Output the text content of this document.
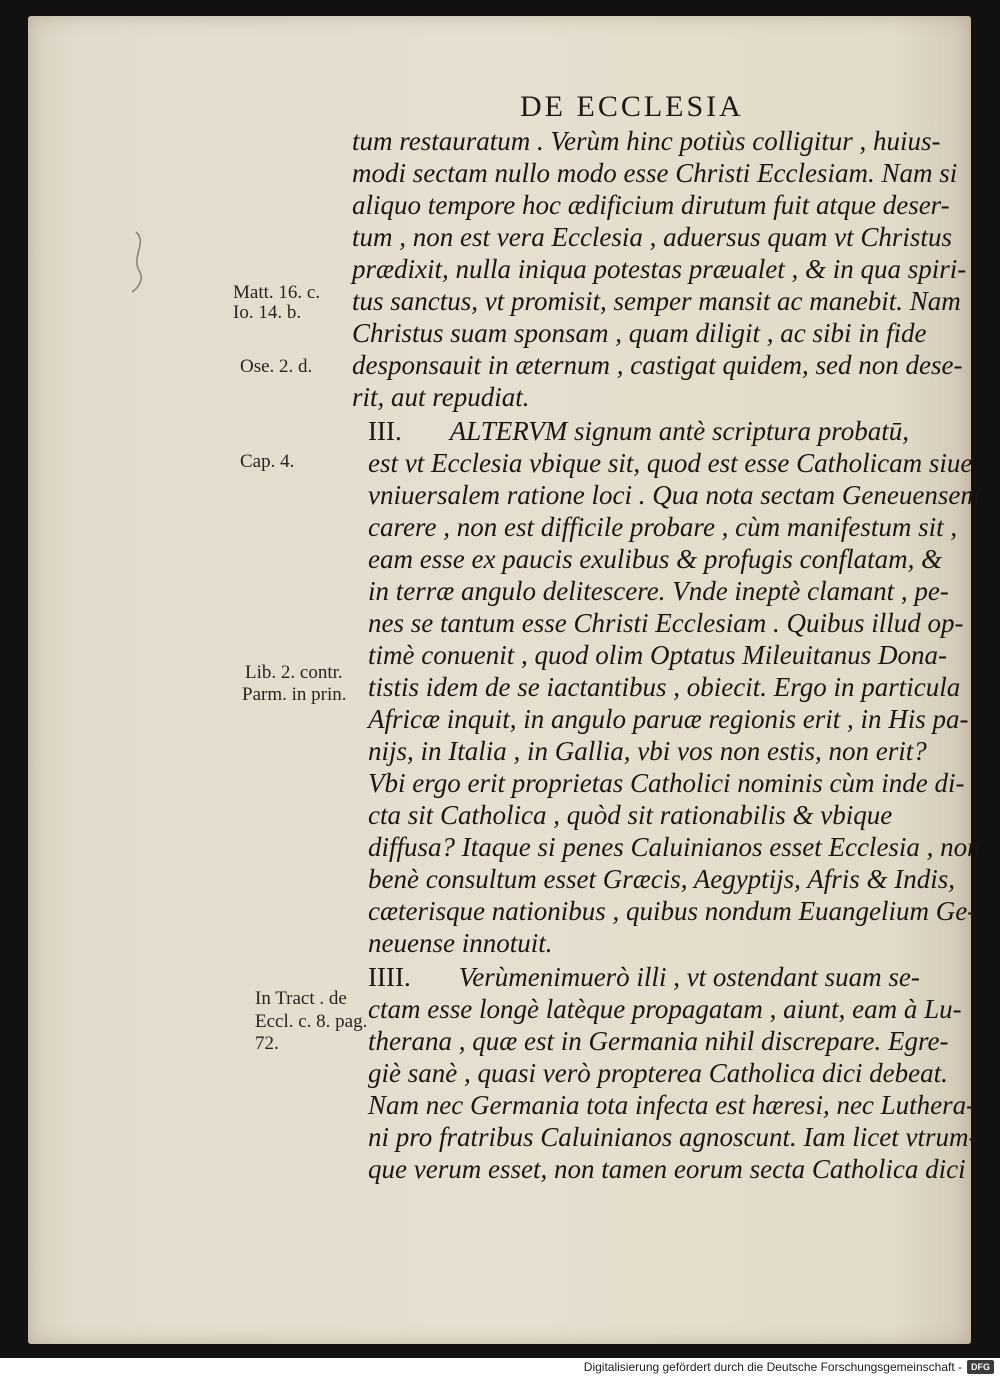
DE ECCLESIA
Matt. 16. c.
Io. 14. b.
Ose. 2. d.
Cap. 4.
Lib. 2. contr.
Parm. in prin.
In Tract . de
Eccl. c. 8. pag.
72.
tum restauratum . Verùm hinc potiùs colligitur , huius-
modi sectam nullo modo esse Christi Ecclesiam. Nam si
aliquo tempore hoc ædificium dirutum fuit atque deser-
tum , non est vera Ecclesia , aduersus quam vt Christus
prædixit, nulla iniqua potestas præualet , & in qua spiri-
tus sanctus, vt promisit, semper mansit ac manebit. Nam
Christus suam sponsam , quam diligit , ac sibi in fide
desponsauit in æternum , castigat quidem, sed non dese-
rit, aut repudiat.
III. ALTERVM signum antè scriptura probatū,
est vt Ecclesia vbique sit, quod est esse Catholicam siue
vniuersalem ratione loci . Qua nota sectam Geneuensem
carere , non est difficile probare , cùm manifestum sit ,
eam esse ex paucis exulibus & profugis conflatam, &
in terræ angulo delitescere. Vnde ineptè clamant , pe-
nes se tantum esse Christi Ecclesiam . Quibus illud op-
timè conuenit , quod olim Optatus Mileuitanus Dona-
tistis idem de se iactantibus , obiecit. Ergo in particula
Africæ inquit, in angulo paruæ regionis erit , in His pa-
nijs, in Italia , in Gallia, vbi vos non estis, non erit?
Vbi ergo erit proprietas Catholici nominis cùm inde di-
cta sit Catholica , quòd sit rationabilis & vbique
diffusa? Itaque si penes Caluinianos esset Ecclesia , non
benè consultum esset Græcis, Aegyptijs, Afris & Indis,
cæterisque nationibus , quibus nondum Euangelium Ge-
neuense innotuit.
IIII. Verùmenimuerò illi , vt ostendant suam se-
ctam esse longè latèque propagatam , aiunt, eam à Lu-
therana , quæ est in Germania nihil discrepare. Egre-
giè sanè , quasi verò propterea Catholica dici debeat.
Nam nec Germania tota infecta est hæresi, nec Luthera-
ni pro fratribus Caluinianos agnoscunt. Iam licet vtrum-
que verum esset, non tamen eorum secta Catholica dici
Digitalisierung gefördert durch die Deutsche Forschungsgemeinschaft -	DFG
